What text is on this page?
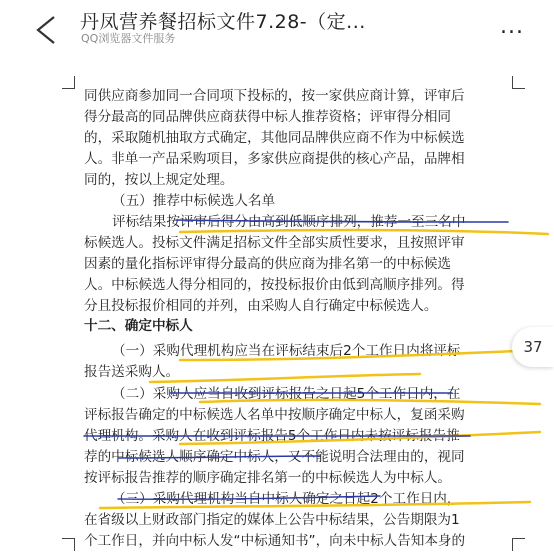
丹凤营养餐招标文件7.28-（定...
QQ浏览器文件服务	...
同供应商参加同一合同项下投标的，按一家供应商计算，评审后
得分最高的同品牌供应商获得中标人推荐资格；评审得分相同
的，采取随机抽取方式确定，其他同品牌供应商不作为中标候选
人。非单一产品采购项目，多家供应商提供的核心产品，品牌相
同的，按以上规定处理。
（五）推荐中标候选人名单
评标结果按评审后得分由高到低顺序排列，推荐一至三名中
标候选人。投标文件满足招标文件全部实质性要求，且按照评审
因素的量化指标评审得分最高的供应商为排名第一的中标候选
人。中标候选人得分相同的，按投标报价由低到高顺序排列。得
分且投标报价相同的并列，由采购人自行确定中标候选人。
十二、确定中标人
（一）采购代理机构应当在评标结束后2个工作日内将评标
报告送采购人。
（二）采购人应当自收到评标报告之日起5个工作日内，在
评标报告确定的中标候选人名单中按顺序确定中标人，复函采购
代理机构。采购人在收到评标报告5个工作日内未按评标报告推
荐的中标候选人顺序确定中标人，又不能说明合法理由的，视同
按评标报告推荐的顺序确定排名第一的中标候选人为中标人。
（三）采购代理机构当自中标人确定之日起2个工作日内，
在省级以上财政部门指定的媒体上公告中标结果，公告期限为1
个工作日，并向中标人发“中标通知书”，向未中标人告知本身的
37
